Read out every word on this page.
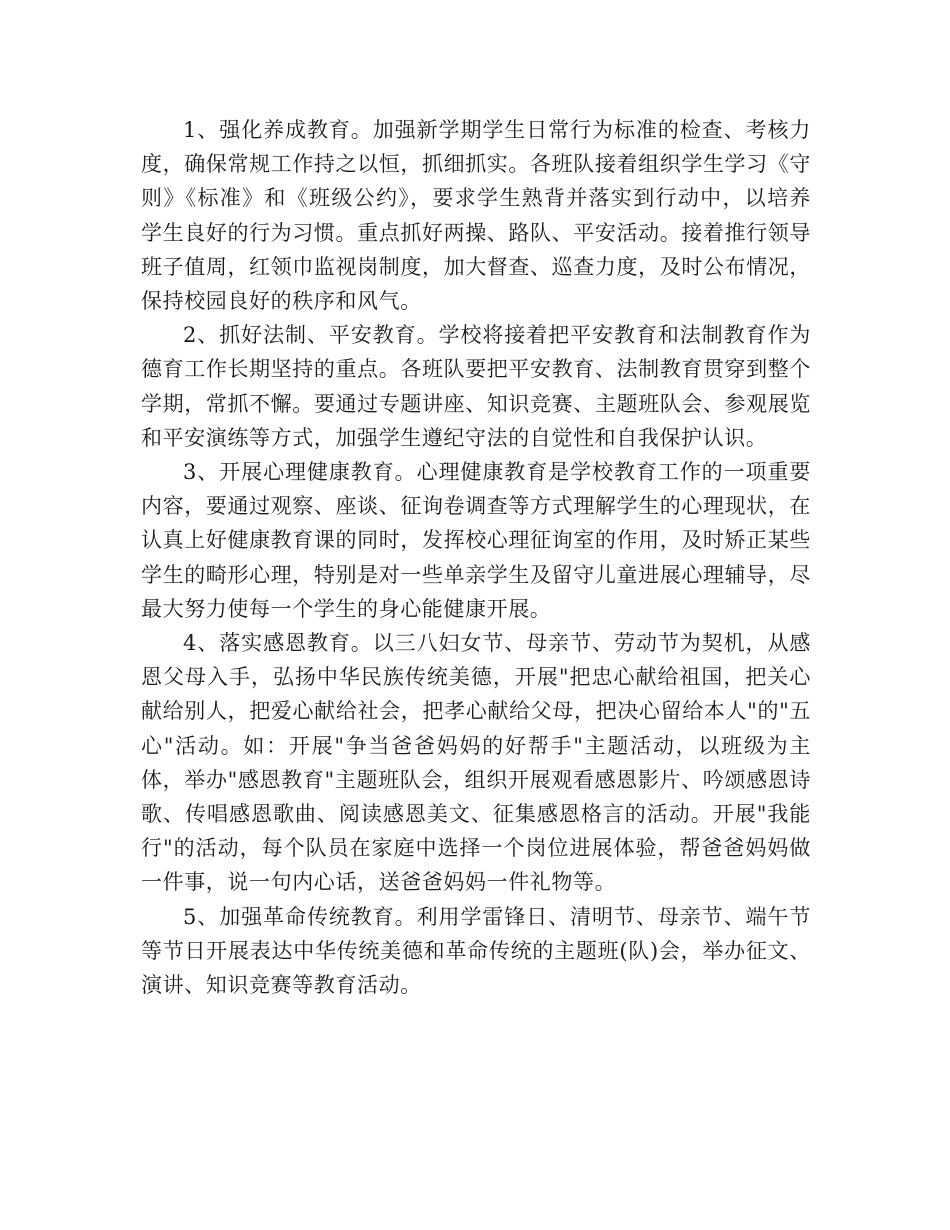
1、强化养成教育。加强新学期学生日常行为标准的检查、考核力度，确保常规工作持之以恒，抓细抓实。各班队接着组织学生学习《守则》《标准》和《班级公约》，要求学生熟背并落实到行动中，以培养学生良好的行为习惯。重点抓好两操、路队、平安活动。接着推行领导班子值周，红领巾监视岗制度，加大督查、巡查力度，及时公布情况，保持校园良好的秩序和风气。

2、抓好法制、平安教育。学校将接着把平安教育和法制教育作为德育工作长期坚持的重点。各班队要把平安教育、法制教育贯穿到整个学期，常抓不懈。要通过专题讲座、知识竞赛、主题班队会、参观展览和平安演练等方式，加强学生遵纪守法的自觉性和自我保护认识。

3、开展心理健康教育。心理健康教育是学校教育工作的一项重要内容，要通过观察、座谈、征询卷调查等方式理解学生的心理现状，在认真上好健康教育课的同时，发挥校心理征询室的作用，及时矫正某些学生的畸形心理，特别是对一些单亲学生及留守儿童进展心理辅导，尽最大努力使每一个学生的身心能健康开展。

4、落实感恩教育。以三八妇女节、母亲节、劳动节为契机，从感恩父母入手，弘扬中华民族传统美德，开展"把忠心献给祖国，把关心献给别人，把爱心献给社会，把孝心献给父母，把决心留给本人"的"五心"活动。如：开展"争当爸爸妈妈的好帮手"主题活动，以班级为主体，举办"感恩教育"主题班队会，组织开展观看感恩影片、吟颂感恩诗歌、传唱感恩歌曲、阅读感恩美文、征集感恩格言的活动。开展"我能行"的活动，每个队员在家庭中选择一个岗位进展体验，帮爸爸妈妈做一件事，说一句内心话，送爸爸妈妈一件礼物等。

5、加强革命传统教育。利用学雷锋日、清明节、母亲节、端午节等节日开展表达中华传统美德和革命传统的主题班(队)会，举办征文、演讲、知识竞赛等教育活动。
